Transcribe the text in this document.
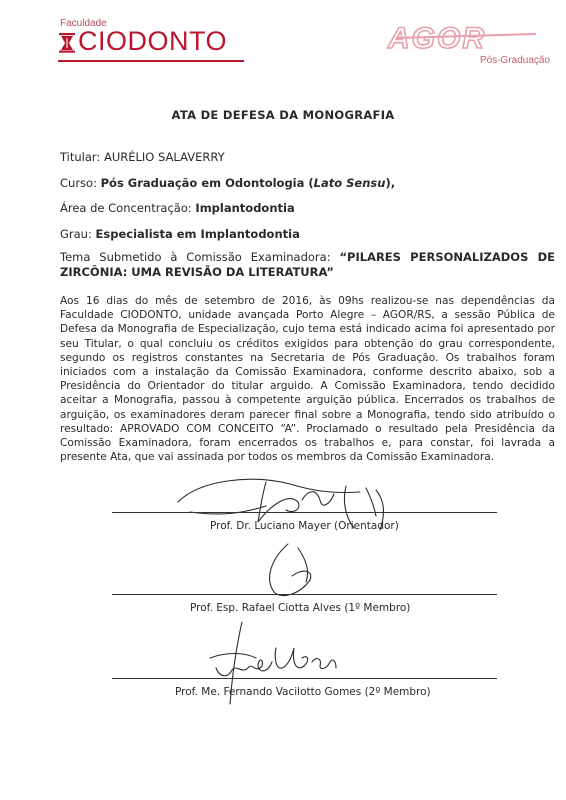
Faculdade
CIODONTO	AGOR
Pós-Graduação
ATA DE DEFESA DA MONOGRAFIA
Titular: AURÉLIO SALAVERRY
Curso: Pós Graduação em Odontologia (Lato Sensu),
Área de Concentração: Implantodontia
Grau: Especialista em Implantodontia
Tema Submetido à Comissão Examinadora: “PILARES PERSONALIZADOS DE ZIRCÔNIA: UMA REVISÃO DA LITERATURA”
Aos 16 dias do mês de setembro de 2016, às 09hs realizou-se nas dependências da Faculdade CIODONTO, unidade avançada Porto Alegre – AGOR/RS, a sessão Pública de Defesa da Monografia de Especialização, cujo tema está indicado acima foi apresentado por seu Titular, o qual concluiu os créditos exigidos para obtenção do grau correspondente, segundo os registros constantes na Secretaria de Pós Graduação. Os trabalhos foram iniciados com a instalação da Comissão Examinadora, conforme descrito abaixo, sob a Presidência do Orientador do titular arguido. A Comissão Examinadora, tendo decidido aceitar a Monografia, passou à competente arguição pública. Encerrados os trabalhos de arguição, os examinadores deram parecer final sobre a Monografia, tendo sido atribuído o resultado: APROVADO COM CONCEITO “A”. Proclamado o resultado pela Presidência da Comissão Examinadora, foram encerrados os trabalhos e, para constar, foi lavrada a presente Ata, que vai assinada por todos os membros da Comissão Examinadora.
Prof. Dr. Luciano Mayer (Orientador)
Prof. Esp. Rafael Ciotta Alves (1º Membro)
Prof. Me. Fernando Vacilotto Gomes (2º Membro)
